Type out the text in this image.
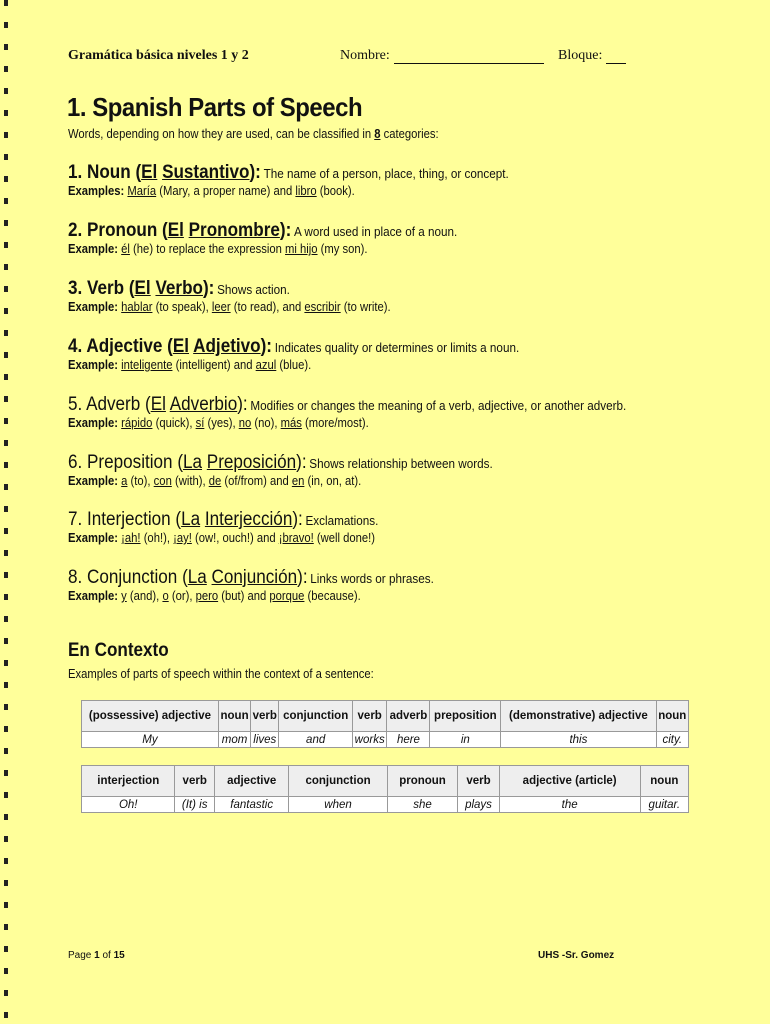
Gramática básica niveles 1 y 2	Nombre:	Bloque:
1. Spanish Parts of Speech
Words, depending on how they are used, can be classified in 8 categories:
1. Noun (El Sustantivo): The name of a person, place, thing, or concept.
Examples: María (Mary, a proper name) and libro (book).
2. Pronoun (El Pronombre): A word used in place of a noun.
Example: él (he) to replace the expression mi hijo (my son).
3. Verb (El Verbo): Shows action.
Example: hablar (to speak), leer (to read), and escribir (to write).
4. Adjective (El Adjetivo): Indicates quality or determines or limits a noun.
Example: inteligente (intelligent) and azul (blue).
5. Adverb (El Adverbio): Modifies or changes the meaning of a verb, adjective, or another adverb.
Example: rápido (quick), sí (yes), no (no), más (more/most).
6. Preposition (La Preposición): Shows relationship between words.
Example: a (to), con (with), de (of/from) and en (in, on, at).
7. Interjection (La Interjección): Exclamations.
Example: ¡ah! (oh!), ¡ay! (ow!, ouch!) and ¡bravo! (well done!)
8. Conjunction (La Conjunción): Links words or phrases.
Example: y (and), o (or), pero (but) and porque (because).
En Contexto
Examples of parts of speech within the context of a sentence:
(possessive) adjective	noun	verb	conjunction	verb	adverb	preposition	(demonstrative) adjective	noun
My	mom	lives	and	works	here	in	this	city.
interjection	verb	adjective	conjunction	pronoun	verb	adjective (article)	noun
Oh!	(It) is	fantastic	when	she	plays	the	guitar.
Page 1 of 15	UHS -Sr. Gomez
